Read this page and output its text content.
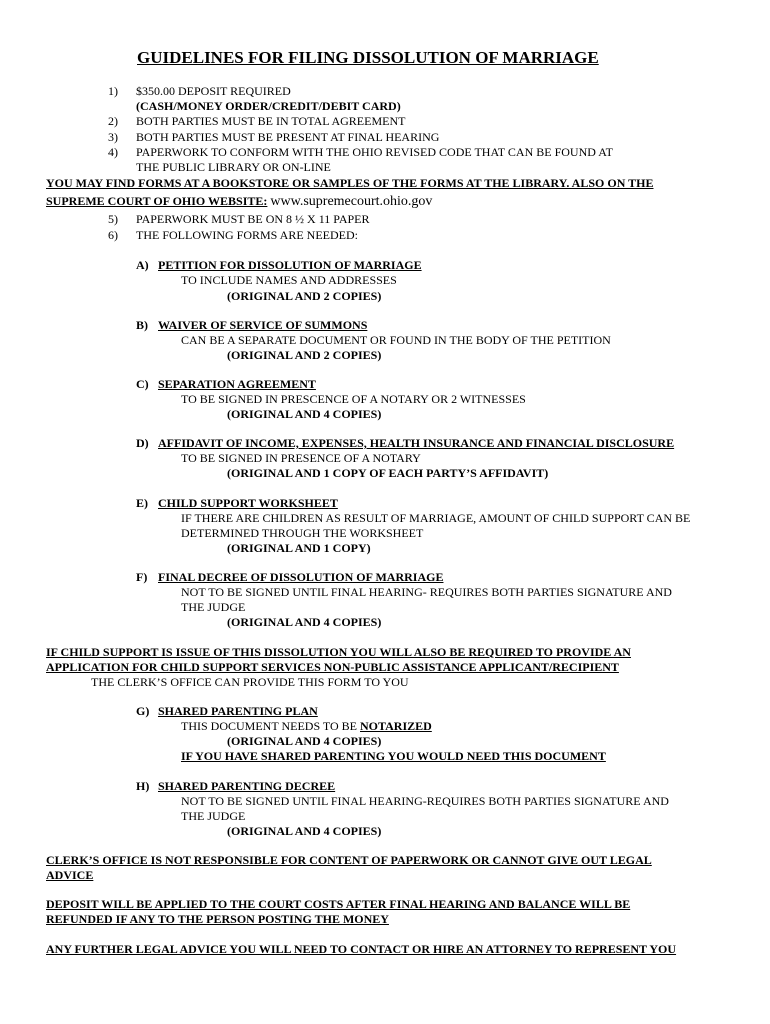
GUIDELINES FOR FILING DISSOLUTION OF MARRIAGE
1) $350.00 DEPOSIT REQUIRED
(CASH/MONEY ORDER/CREDIT/DEBIT CARD)
2) BOTH PARTIES MUST BE IN TOTAL AGREEMENT
3) BOTH PARTIES MUST BE PRESENT AT FINAL HEARING
4) PAPERWORK TO CONFORM WITH THE OHIO REVISED CODE THAT CAN BE FOUND AT
THE PUBLIC LIBRARY OR ON-LINE
YOU MAY FIND FORMS AT A BOOKSTORE OR SAMPLES OF THE FORMS AT THE LIBRARY. ALSO ON THE
SUPREME COURT OF OHIO WEBSITE: www.supremecourt.ohio.gov
5) PAPERWORK MUST BE ON 8 ½ X 11 PAPER
6) THE FOLLOWING FORMS ARE NEEDED:
A) PETITION FOR DISSOLUTION OF MARRIAGE
TO INCLUDE NAMES AND ADDRESSES
(ORIGINAL AND 2 COPIES)
B) WAIVER OF SERVICE OF SUMMONS
CAN BE A SEPARATE DOCUMENT OR FOUND IN THE BODY OF THE PETITION
(ORIGINAL AND 2 COPIES)
C) SEPARATION AGREEMENT
TO BE SIGNED IN PRESCENCE OF A NOTARY OR 2 WITNESSES
(ORIGINAL AND 4 COPIES)
D) AFFIDAVIT OF INCOME, EXPENSES, HEALTH INSURANCE AND FINANCIAL DISCLOSURE
TO BE SIGNED IN PRESENCE OF A NOTARY
(ORIGINAL AND 1 COPY OF EACH PARTY’S AFFIDAVIT)
E) CHILD SUPPORT WORKSHEET
IF THERE ARE CHILDREN AS RESULT OF MARRIAGE, AMOUNT OF CHILD SUPPORT CAN BE
DETERMINED THROUGH THE WORKSHEET
(ORIGINAL AND 1 COPY)
F) FINAL DECREE OF DISSOLUTION OF MARRIAGE
NOT TO BE SIGNED UNTIL FINAL HEARING- REQUIRES BOTH PARTIES SIGNATURE AND
THE JUDGE
(ORIGINAL AND 4 COPIES)
IF CHILD SUPPORT IS ISSUE OF THIS DISSOLUTION YOU WILL ALSO BE REQUIRED TO PROVIDE AN
APPLICATION FOR CHILD SUPPORT SERVICES NON-PUBLIC ASSISTANCE APPLICANT/RECIPIENT
THE CLERK’S OFFICE CAN PROVIDE THIS FORM TO YOU
G) SHARED PARENTING PLAN
THIS DOCUMENT NEEDS TO BE NOTARIZED
(ORIGINAL AND 4 COPIES)
IF YOU HAVE SHARED PARENTING YOU WOULD NEED THIS DOCUMENT
H) SHARED PARENTING DECREE
NOT TO BE SIGNED UNTIL FINAL HEARING-REQUIRES BOTH PARTIES SIGNATURE AND
THE JUDGE
(ORIGINAL AND 4 COPIES)
CLERK’S OFFICE IS NOT RESPONSIBLE FOR CONTENT OF PAPERWORK OR CANNOT GIVE OUT LEGAL
ADVICE
DEPOSIT WILL BE APPLIED TO THE COURT COSTS AFTER FINAL HEARING AND BALANCE WILL BE
REFUNDED IF ANY TO THE PERSON POSTING THE MONEY
ANY FURTHER LEGAL ADVICE YOU WILL NEED TO CONTACT OR HIRE AN ATTORNEY TO REPRESENT YOU
